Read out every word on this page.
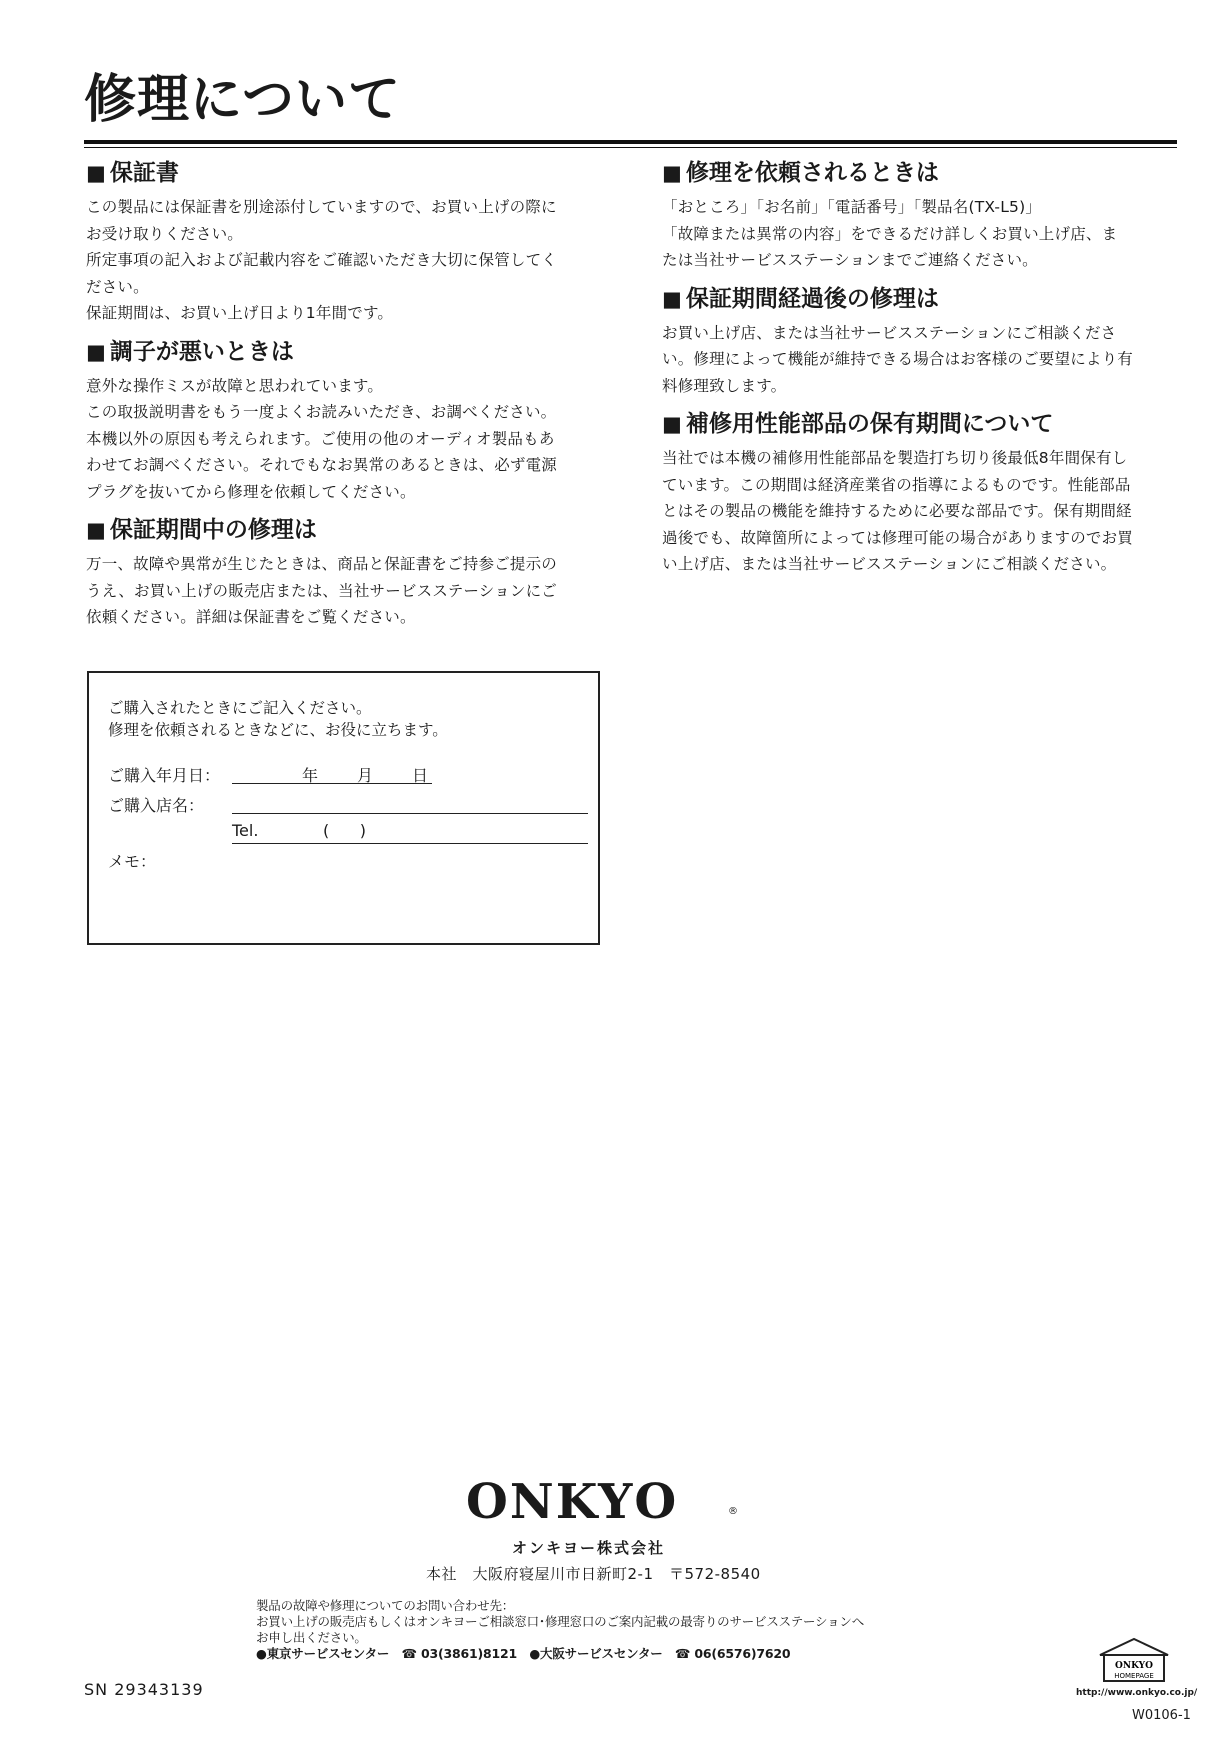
修理について
■ 保証書
この製品には保証書を別途添付していますので、お買い上げの際に
お受け取りください。
所定事項の記入および記載内容をご確認いただき大切に保管してく
ださい。
保証期間は、お買い上げ日より1年間です。
■ 調子が悪いときは
意外な操作ミスが故障と思われています。
この取扱説明書をもう一度よくお読みいただき、お調べください。
本機以外の原因も考えられます。ご使用の他のオーディオ製品もあ
わせてお調べください。それでもなお異常のあるときは、必ず電源
プラグを抜いてから修理を依頼してください。
■ 保証期間中の修理は
万一、故障や異常が生じたときは、商品と保証書をご持参ご提示の
うえ、お買い上げの販売店または、当社サービスステーションにご
依頼ください。詳細は保証書をご覧ください。
■ 修理を依頼されるときは
「おところ」「お名前」「電話番号」「製品名(TX-L5)」
「故障または異常の内容」をできるだけ詳しくお買い上げ店、ま
たは当社サービスステーションまでご連絡ください。
■ 保証期間経過後の修理は
お買い上げ店、または当社サービスステーションにご相談くださ
い。修理によって機能が維持できる場合はお客様のご要望により有
料修理致します。
■ 補修用性能部品の保有期間について
当社では本機の補修用性能部品を製造打ち切り後最低8年間保有し
ています。この期間は経済産業省の指導によるものです。性能部品
とはその製品の機能を維持するために必要な部品です。保有期間経
過後でも、故障箇所によっては修理可能の場合がありますのでお買
い上げ店、または当社サービスステーションにご相談ください。
ご購入されたときにご記入ください。
修理を依頼されるときなどに、お役に立ちます。
ご購入年月日：	年 月 日
ご購入店名：
Tel.	(      )
メモ：
ONKYO	®
オンキヨー株式会社
本社　大阪府寝屋川市日新町2-1　〒572-8540
製品の故障や修理についてのお問い合わせ先：
お買い上げの販売店もしくはオンキヨーご相談窓口･修理窓口のご案内記載の最寄りのサービスステーションへ
お申し出ください。
●東京サービスセンター　☎ 03(3861)8121　●大阪サービスセンター　☎ 06(6576)7620
ONKYO
HOMEPAGE
http://www.onkyo.co.jp/
SN 29343139
W0106-1
